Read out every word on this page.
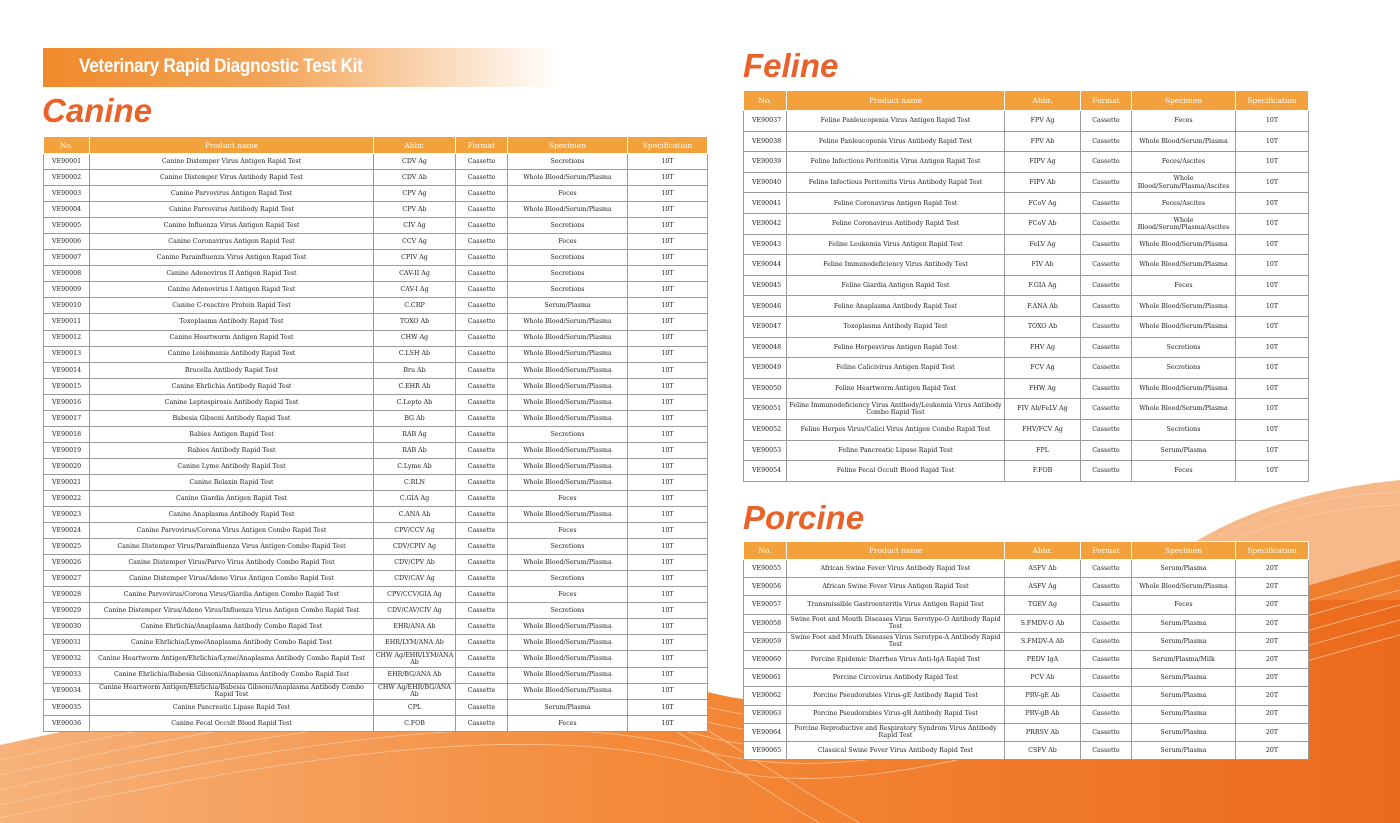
Veterinary Rapid Diagnostic Test Kit
Canine
Feline
Porcine
No.	Product name	Abbr.	Format	Specimen	Specification
VE90001	Canine Distemper Virus Antigen Rapid Test	CDV Ag	Cassette	Secretions	10T
VE90002	Canine Distemper Virus Antibody Rapid Test	CDV Ab	Cassette	Whole Blood/Serum/Plasma	10T
VE90003	Canine Parvovirus Antigen Rapid Test	CPV Ag	Cassette	Feces	10T
VE90004	Canine Parvovirus Antibody Rapid Test	CPV Ab	Cassette	Whole Blood/Serum/Plasma	10T
VE90005	Canine Influenza Virus Antigen Rapid Test	CIV Ag	Cassette	Secretions	10T
VE90006	Canine Coronavirus Antigen Rapid Test	CCV Ag	Cassette	Feces	10T
VE90007	Canine Parainfluenza Virus Antigen Rapid Test	CPIV Ag	Cassette	Secretions	10T
VE90008	Canine Adenovirus II Antigen Rapid Test	CAV-II Ag	Cassette	Secretions	10T
VE90009	Canine Adenovirus I Antigen Rapid Test	CAV-I Ag	Cassette	Secretions	10T
VE90010	Canine C-reactive Protein Rapid Test	C.CRP	Cassette	Serum/Plasma	10T
VE90011	Toxoplasma Antibody Rapid Test	TOXO Ab	Cassette	Whole Blood/Serum/Plasma	10T
VE90012	Canine Heartworm Antigen Rapid Test	CHW Ag	Cassette	Whole Blood/Serum/Plasma	10T
VE90013	Canine Leishmania Antibody Rapid Test	C.LSH Ab	Cassette	Whole Blood/Serum/Plasma	10T
VE90014	Brucella Antibody Rapid Test	Bru Ab	Cassette	Whole Blood/Serum/Plasma	10T
VE90015	Canine Ehrlichia Antibody Rapid Test	C.EHR Ab	Cassette	Whole Blood/Serum/Plasma	10T
VE90016	Canine Leptospirosis Antibody Rapid Test	C.Lepto Ab	Cassette	Whole Blood/Serum/Plasma	10T
VE90017	Babesia Gibsoni Antibody Rapid Test	BG Ab	Cassette	Whole Blood/Serum/Plasma	10T
VE90018	Rabies Antigen Rapid Test	RAB Ag	Cassette	Secretions	10T
VE90019	Rabies Antibody Rapid Test	RAB Ab	Cassette	Whole Blood/Serum/Plasma	10T
VE90020	Canine Lyme Antibody Rapid Test	C.Lyme Ab	Cassette	Whole Blood/Serum/Plasma	10T
VE90021	Canine Relaxin Rapid Test	C.RLN	Cassette	Whole Blood/Serum/Plasma	10T
VE90022	Canine Giardia Antigen Rapid Test	C.GIA Ag	Cassette	Feces	10T
VE90023	Canine Anaplasma Antibody Rapid Test	C.ANA Ab	Cassette	Whole Blood/Serum/Plasma	10T
VE90024	Canine Parvovirus/Corona Virus Antigen Combo Rapid Test	CPV/CCV Ag	Cassette	Feces	10T
VE90025	Canine Distemper Virus/Parainfluenza Virus Antigen Combo Rapid Test	CDV/CPIV Ag	Cassette	Secretions	10T
VE90026	Canine Distemper Virus/Parvo Virus Antibody Combo Rapid Test	CDV/CPV Ab	Cassette	Whole Blood/Serum/Plasma	10T
VE90027	Canine Distemper Virus/Adeno Virus Antigen Combo Rapid Test	CDV/CAV Ag	Cassette	Secretions	10T
VE90028	Canine Parvovirus/Corona Virus/Giardia Antigen Combo Rapid Test	CPV/CCV/GIA Ag	Cassette	Feces	10T
VE90029	Canine Distemper Virus/Adeno Virus/Influenza Virus Antigen Combo Rapid Test	CDV/CAV/CIV Ag	Cassette	Secretions	10T
VE90030	Canine Ehrlichia/Anaplasma Antibody Combo Rapid Test	EHR/ANA Ab	Cassette	Whole Blood/Serum/Plasma	10T
VE90031	Canine Ehrlichia/Lyme/Anaplasma Antibody Combo Rapid Test	EHR/LYM/ANA Ab	Cassette	Whole Blood/Serum/Plasma	10T
VE90032	Canine Heartworm Antigen/Ehrlichia/Lyme/Anaplasma Antibody Combo Rapid Test	CHW Ag/EHR/LYM/ANA Ab	Cassette	Whole Blood/Serum/Plasma	10T
VE90033	Canine Ehrlichia/Babesia Gibsoni/Anaplasma Antibody Combo Rapid Test	EHR/BG/ANA Ab	Cassette	Whole Blood/Serum/Plasma	10T
VE90034	Canine Heartworm Antigen/Ehrlichia/Babesia Gibsoni/Anaplasma Antibody Combo Rapid Test	CHW Ag/EHR/BG/ANA Ab	Cassette	Whole Blood/Serum/Plasma	10T
VE90035	Canine Pancreatic Lipase Rapid Test	CPL	Cassette	Serum/Plasma	10T
VE90036	Canine Fecal Occult Blood Rapid Test	C.FOB	Cassette	Feces	10T
No.	Product name	Abbr.	Format	Specimen	Specification
VE90037	Feline Panleucopenia Virus Antigen Rapid Test	FPV Ag	Cassette	Feces	10T
VE90038	Feline Panleucopenia Virus Antibody Rapid Test	FPV Ab	Cassette	Whole Blood/Serum/Plasma	10T
VE90039	Feline Infectious Peritonitis Virus Antigen Rapid Test	FIPV Ag	Cassette	Feces/Ascites	10T
VE90040	Feline Infectious Peritonitis Virus Antibody Rapid Test	FIPV Ab	Cassette	Whole Blood/Serum/Plasma/Ascites	10T
VE90041	Feline Coronavirus Antigen Rapid Test	FCoV Ag	Cassette	Feces/Ascites	10T
VE90042	Feline Coronavirus Antibody Rapid Test	FCoV Ab	Cassette	Whole Blood/Serum/Plasma/Ascites	10T
VE90043	Feline Leukemia Virus Antigen Rapid Test	FeLV Ag	Cassette	Whole Blood/Serum/Plasma	10T
VE90044	Feline Immunodeficiency Virus Antibody Test	FIV Ab	Cassette	Whole Blood/Serum/Plasma	10T
VE90045	Feline Giardia Antigen Rapid Test	F.GIA Ag	Cassette	Feces	10T
VE90046	Feline Anaplasma Antibody Rapid Test	F.ANA Ab	Cassette	Whole Blood/Serum/Plasma	10T
VE90047	Toxoplasma Antibody Rapid Test	TOXO Ab	Cassette	Whole Blood/Serum/Plasma	10T
VE90048	Feline Herpesvirus Antigen Rapid Test	FHV Ag	Cassette	Secretions	10T
VE90049	Feline Calicivirus Antigen Rapid Test	FCV Ag	Cassette	Secretions	10T
VE90050	Feline Heartworm Antigen Rapid Test	FHW Ag	Cassette	Whole Blood/Serum/Plasma	10T
VE90051	Feline Immunodeficiency Virus Antibody/Leukemia Virus Antibody Combo Rapid Test	FIV Ab/FeLV Ag	Cassette	Whole Blood/Serum/Plasma	10T
VE90052	Feline Herpes Virus/Calici Virus Antigen Combo Rapid Test	FHV/FCV Ag	Cassette	Secretions	10T
VE90053	Feline Pancreatic Lipase Rapid Test	FPL	Cassette	Serum/Plasma	10T
VE90054	Feline Fecal Occult Blood Rapid Test	F.FOB	Cassette	Feces	10T
No.	Product name	Abbr.	Format	Specimen	Specification
VE90055	African Swine Fever Virus Antibody Rapid Test	ASFV Ab	Cassette	Serum/Plasma	20T
VE90056	African Swine Fever Virus Antigen Rapid Test	ASFV Ag	Cassette	Whole Blood/Serum/Plasma	20T
VE90057	Transmissible Gastroenteritis Virus Antigen Rapid Test	TGEV Ag	Cassette	Feces	20T
VE90058	Swine Foot and Mouth Diseases Virus Serotype-O Antibody Rapid Test	S.FMDV-O Ab	Cassette	Serum/Plasma	20T
VE90059	Swine Foot and Mouth Diseases Virus Serotype-A Antibody Rapid Test	S.FMDV-A Ab	Cassette	Serum/Plasma	20T
VE90060	Porcine Epidemic Diarrhea Virus Anti-IgA Rapid Test	PEDV IgA	Cassette	Serum/Plasma/Milk	20T
VE90061	Porcine Circovirus Antibody Rapid Test	PCV Ab	Cassette	Serum/Plasma	20T
VE90062	Porcine Pseudorabies Virus-gE Antibody Rapid Test	PRV-gE Ab	Cassette	Serum/Plasma	20T
VE90063	Porcine Pseudorabies Virus-gB Antibody Rapid Test	PRV-gB Ab	Cassette	Serum/Plasma	20T
VE90064	Porcine Reproductive and Respiratory Syndrom Virus Antibody Rapid Test	PRRSV Ab	Cassette	Serum/Plasma	20T
VE90065	Classical Swine Fever Virus Antibody Rapid Test	CSFV Ab	Cassette	Serum/Plasma	20T
